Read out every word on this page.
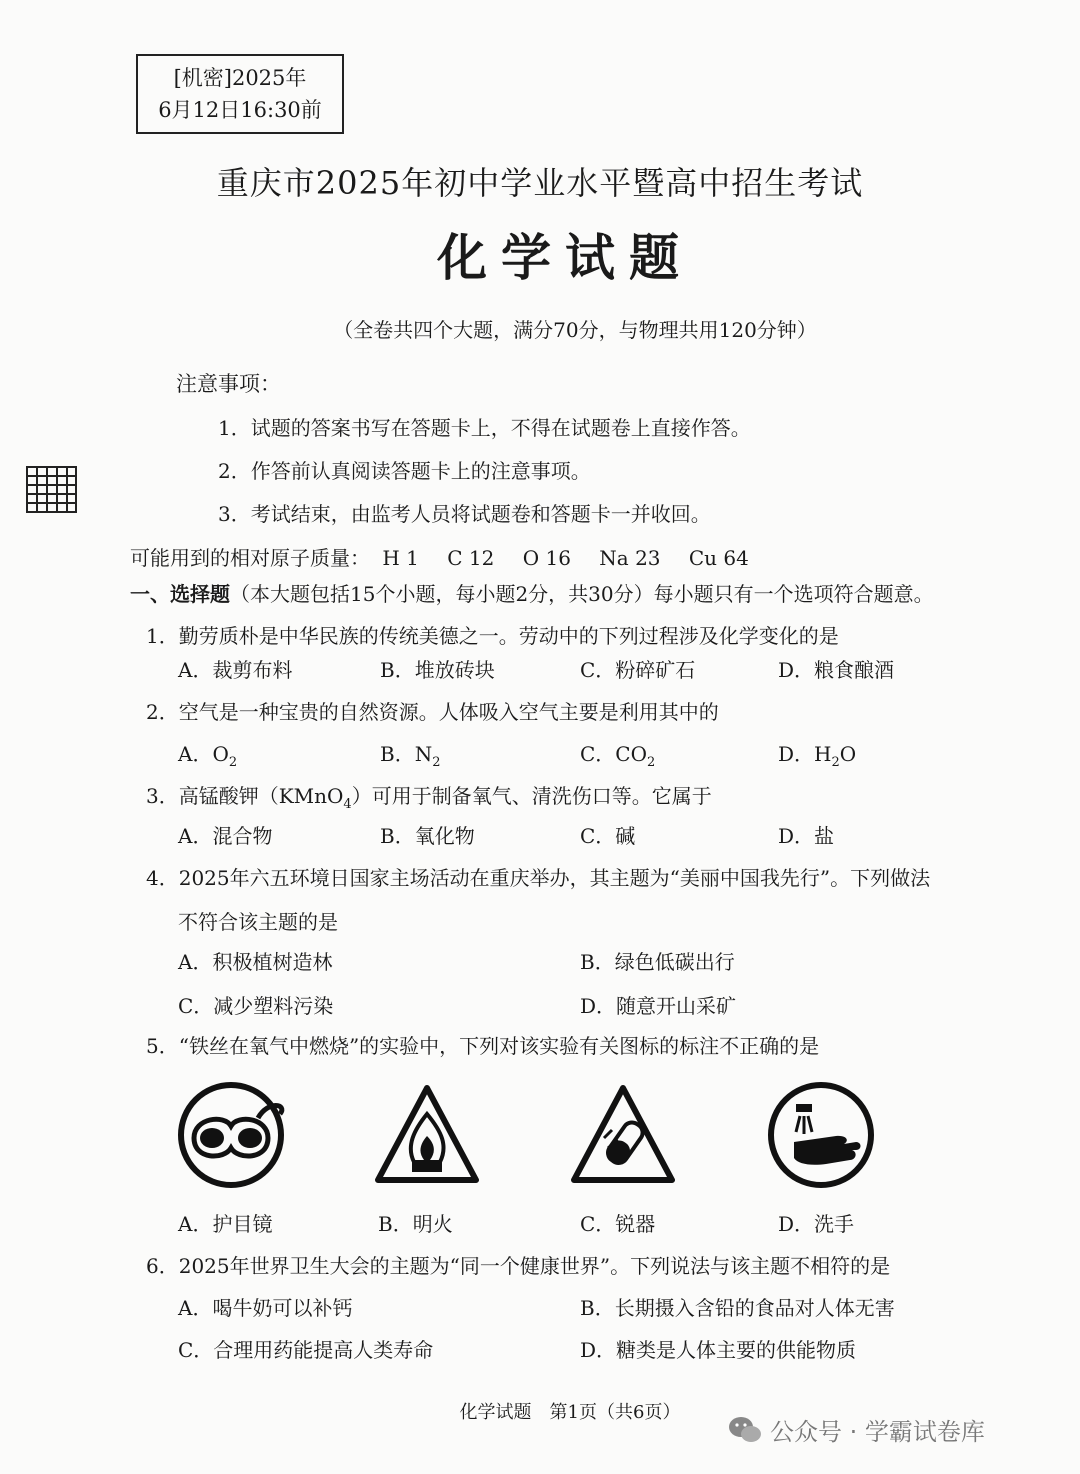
[机密]2025年
6月12日16:30前
重庆市2025年初中学业水平暨高中招生考试
化学试题
（全卷共四个大题，满分70分，与物理共用120分钟）
注意事项：
1．试题的答案书写在答题卡上，不得在试题卷上直接作答。
2．作答前认真阅读答题卡上的注意事项。
3．考试结束，由监考人员将试题卷和答题卡一并收回。
可能用到的相对原子质量： H 1 C 12 O 16 Na 23 Cu 64
一、选择题（本大题包括15个小题，每小题2分，共30分）每小题只有一个选项符合题意。
1．勤劳质朴是中华民族的传统美德之一。劳动中的下列过程涉及化学变化的是
A．裁剪布料	B．堆放砖块	C．粉碎矿石	D．粮食酿酒
2．空气是一种宝贵的自然资源。人体吸入空气主要是利用其中的
A．$O_2$	B．$N_2$	C．$CO_2$	D．$H_2O$
3．高锰酸钾（KMnO$_4$）可用于制备氧气、清洗伤口等。它属于
A．混合物	B．氧化物	C．碱	D．盐
4．2025年六五环境日国家主场活动在重庆举办，其主题为“美丽中国我先行”。下列做法
不符合该主题的是
A．积极植树造林	B．绿色低碳出行
C．减少塑料污染	D．随意开山采矿
5．“铁丝在氧气中燃烧”的实验中，下列对该实验有关图标的标注不正确的是
A．护目镜	B．明火	C．锐器	D．洗手
6．2025年世界卫生大会的主题为“同一个健康世界”。下列说法与该主题不相符的是
A．喝牛奶可以补钙	B．长期摄入含铅的食品对人体无害
C．合理用药能提高人类寿命	D．糖类是人体主要的供能物质
化学试题　第1页（共6页）
公众号 · 学霸试卷库
